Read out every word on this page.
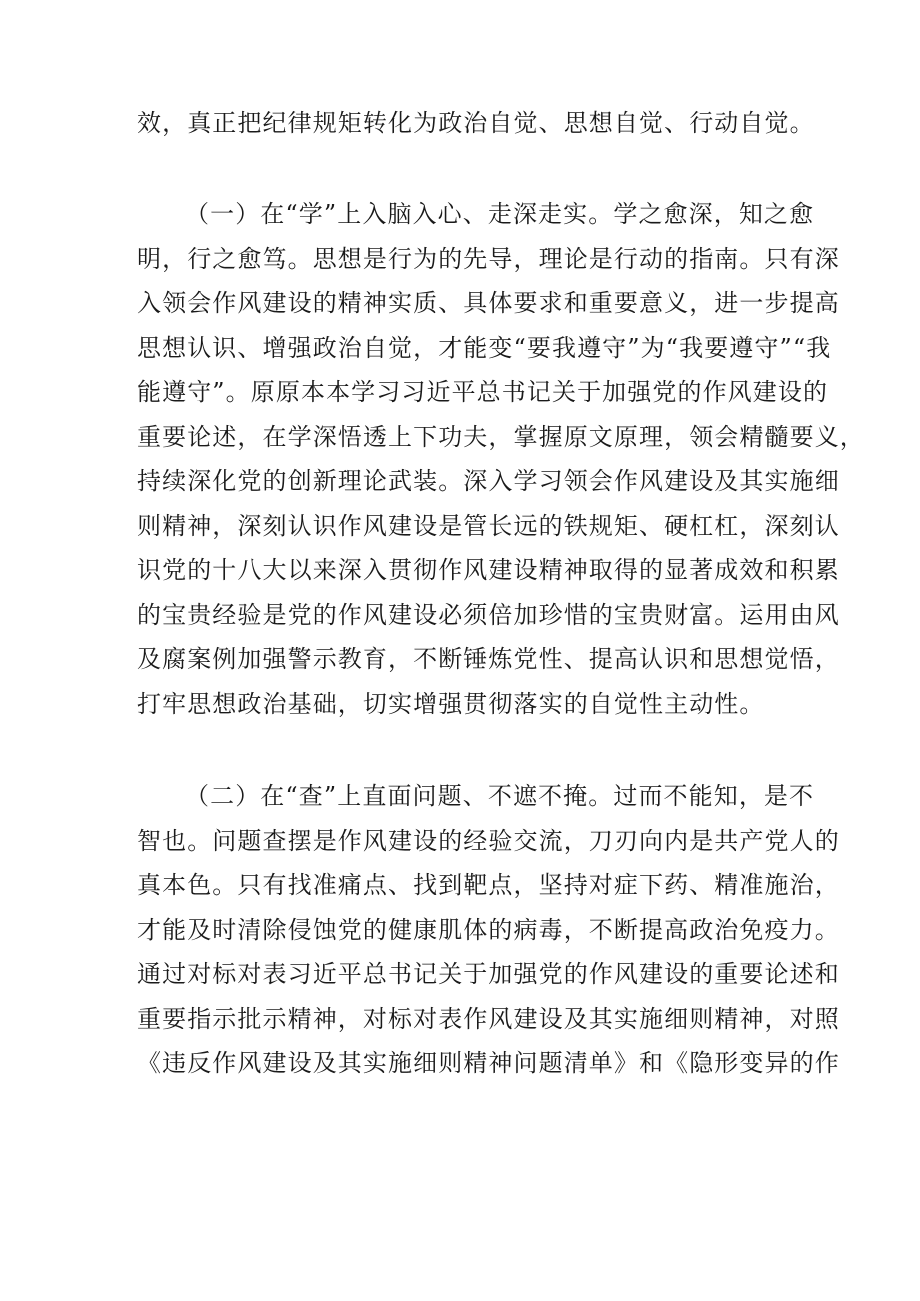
效，真正把纪律规矩转化为政治自觉、思想自觉、行动自觉。
（一）在“学”上入脑入心、走深走实。学之愈深，知之愈
明，行之愈笃。思想是行为的先导，理论是行动的指南。只有深
入领会作风建设的精神实质、具体要求和重要意义，进一步提高
思想认识、增强政治自觉，才能变“要我遵守”为“我要遵守”“我
能遵守”。原原本本学习习近平总书记关于加强党的作风建设的
重要论述，在学深悟透上下功夫，掌握原文原理，领会精髓要义，
持续深化党的创新理论武装。深入学习领会作风建设及其实施细
则精神，深刻认识作风建设是管长远的铁规矩、硬杠杠，深刻认
识党的十八大以来深入贯彻作风建设精神取得的显著成效和积累
的宝贵经验是党的作风建设必须倍加珍惜的宝贵财富。运用由风
及腐案例加强警示教育，不断锤炼党性、提高认识和思想觉悟，
打牢思想政治基础，切实增强贯彻落实的自觉性主动性。
（二）在“查”上直面问题、不遮不掩。过而不能知，是不
智也。问题查摆是作风建设的经验交流，刀刃向内是共产党人的
真本色。只有找准痛点、找到靶点，坚持对症下药、精准施治，
才能及时清除侵蚀党的健康肌体的病毒，不断提高政治免疫力。
通过对标对表习近平总书记关于加强党的作风建设的重要论述和
重要指示批示精神，对标对表作风建设及其实施细则精神，对照
《违反作风建设及其实施细则精神问题清单》和《隐形变异的作
